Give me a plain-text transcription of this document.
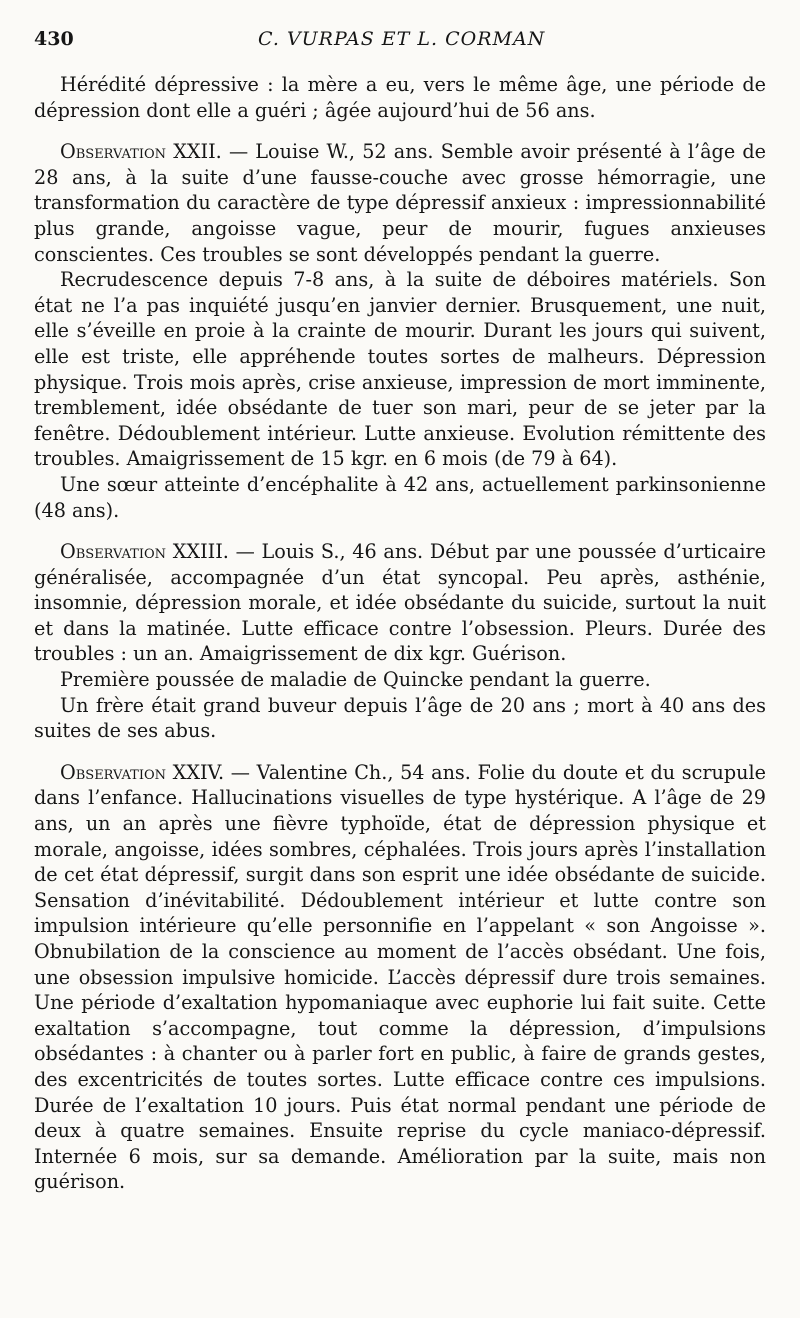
430	C. VURPAS ET L. CORMAN

Hérédité dépressive : la mère a eu, vers le même âge, une période de dépression dont elle a guéri ; âgée aujourd’hui de 56 ans.

Observation XXII. — Louise W., 52 ans. Semble avoir présenté à l’âge de 28 ans, à la suite d’une fausse-couche avec grosse hémorragie, une transformation du caractère de type dépressif anxieux : impressionnabilité plus grande, angoisse vague, peur de mourir, fugues anxieuses conscientes. Ces troubles se sont développés pendant la guerre.

Recrudescence depuis 7-8 ans, à la suite de déboires matériels. Son état ne l’a pas inquiété jusqu’en janvier dernier. Brusquement, une nuit, elle s’éveille en proie à la crainte de mourir. Durant les jours qui suivent, elle est triste, elle appréhende toutes sortes de malheurs. Dépression physique. Trois mois après, crise anxieuse, impression de mort imminente, tremblement, idée obsédante de tuer son mari, peur de se jeter par la fenêtre. Dédoublement intérieur. Lutte anxieuse. Evolution rémittente des troubles. Amaigrissement de 15 kgr. en 6 mois (de 79 à 64).

Une sœur atteinte d’encéphalite à 42 ans, actuellement parkinsonienne (48 ans).

Observation XXIII. — Louis S., 46 ans. Début par une poussée d’urticaire généralisée, accompagnée d’un état syncopal. Peu après, asthénie, insomnie, dépression morale, et idée obsédante du suicide, surtout la nuit et dans la matinée. Lutte efficace contre l’obsession. Pleurs. Durée des troubles : un an. Amaigrissement de dix kgr. Guérison.

Première poussée de maladie de Quincke pendant la guerre.

Un frère était grand buveur depuis l’âge de 20 ans ; mort à 40 ans des suites de ses abus.

Observation XXIV. — Valentine Ch., 54 ans. Folie du doute et du scrupule dans l’enfance. Hallucinations visuelles de type hystérique. A l’âge de 29 ans, un an après une fièvre typhoïde, état de dépression physique et morale, angoisse, idées sombres, céphalées. Trois jours après l’installation de cet état dépressif, surgit dans son esprit une idée obsédante de suicide. Sensation d’inévitabilité. Dédoublement intérieur et lutte contre son impulsion intérieure qu’elle personnifie en l’appelant « son Angoisse ». Obnubilation de la conscience au moment de l’accès obsédant. Une fois, une obsession impulsive homicide. L’accès dépressif dure trois semaines. Une période d’exaltation hypomaniaque avec euphorie lui fait suite. Cette exaltation s’accompagne, tout comme la dépression, d’impulsions obsédantes : à chanter ou à parler fort en public, à faire de grands gestes, des excentricités de toutes sortes. Lutte efficace contre ces impulsions. Durée de l’exaltation 10 jours. Puis état normal pendant une période de deux à quatre semaines. Ensuite reprise du cycle maniaco-dépressif. Internée 6 mois, sur sa demande. Amélioration par la suite, mais non guérison.
